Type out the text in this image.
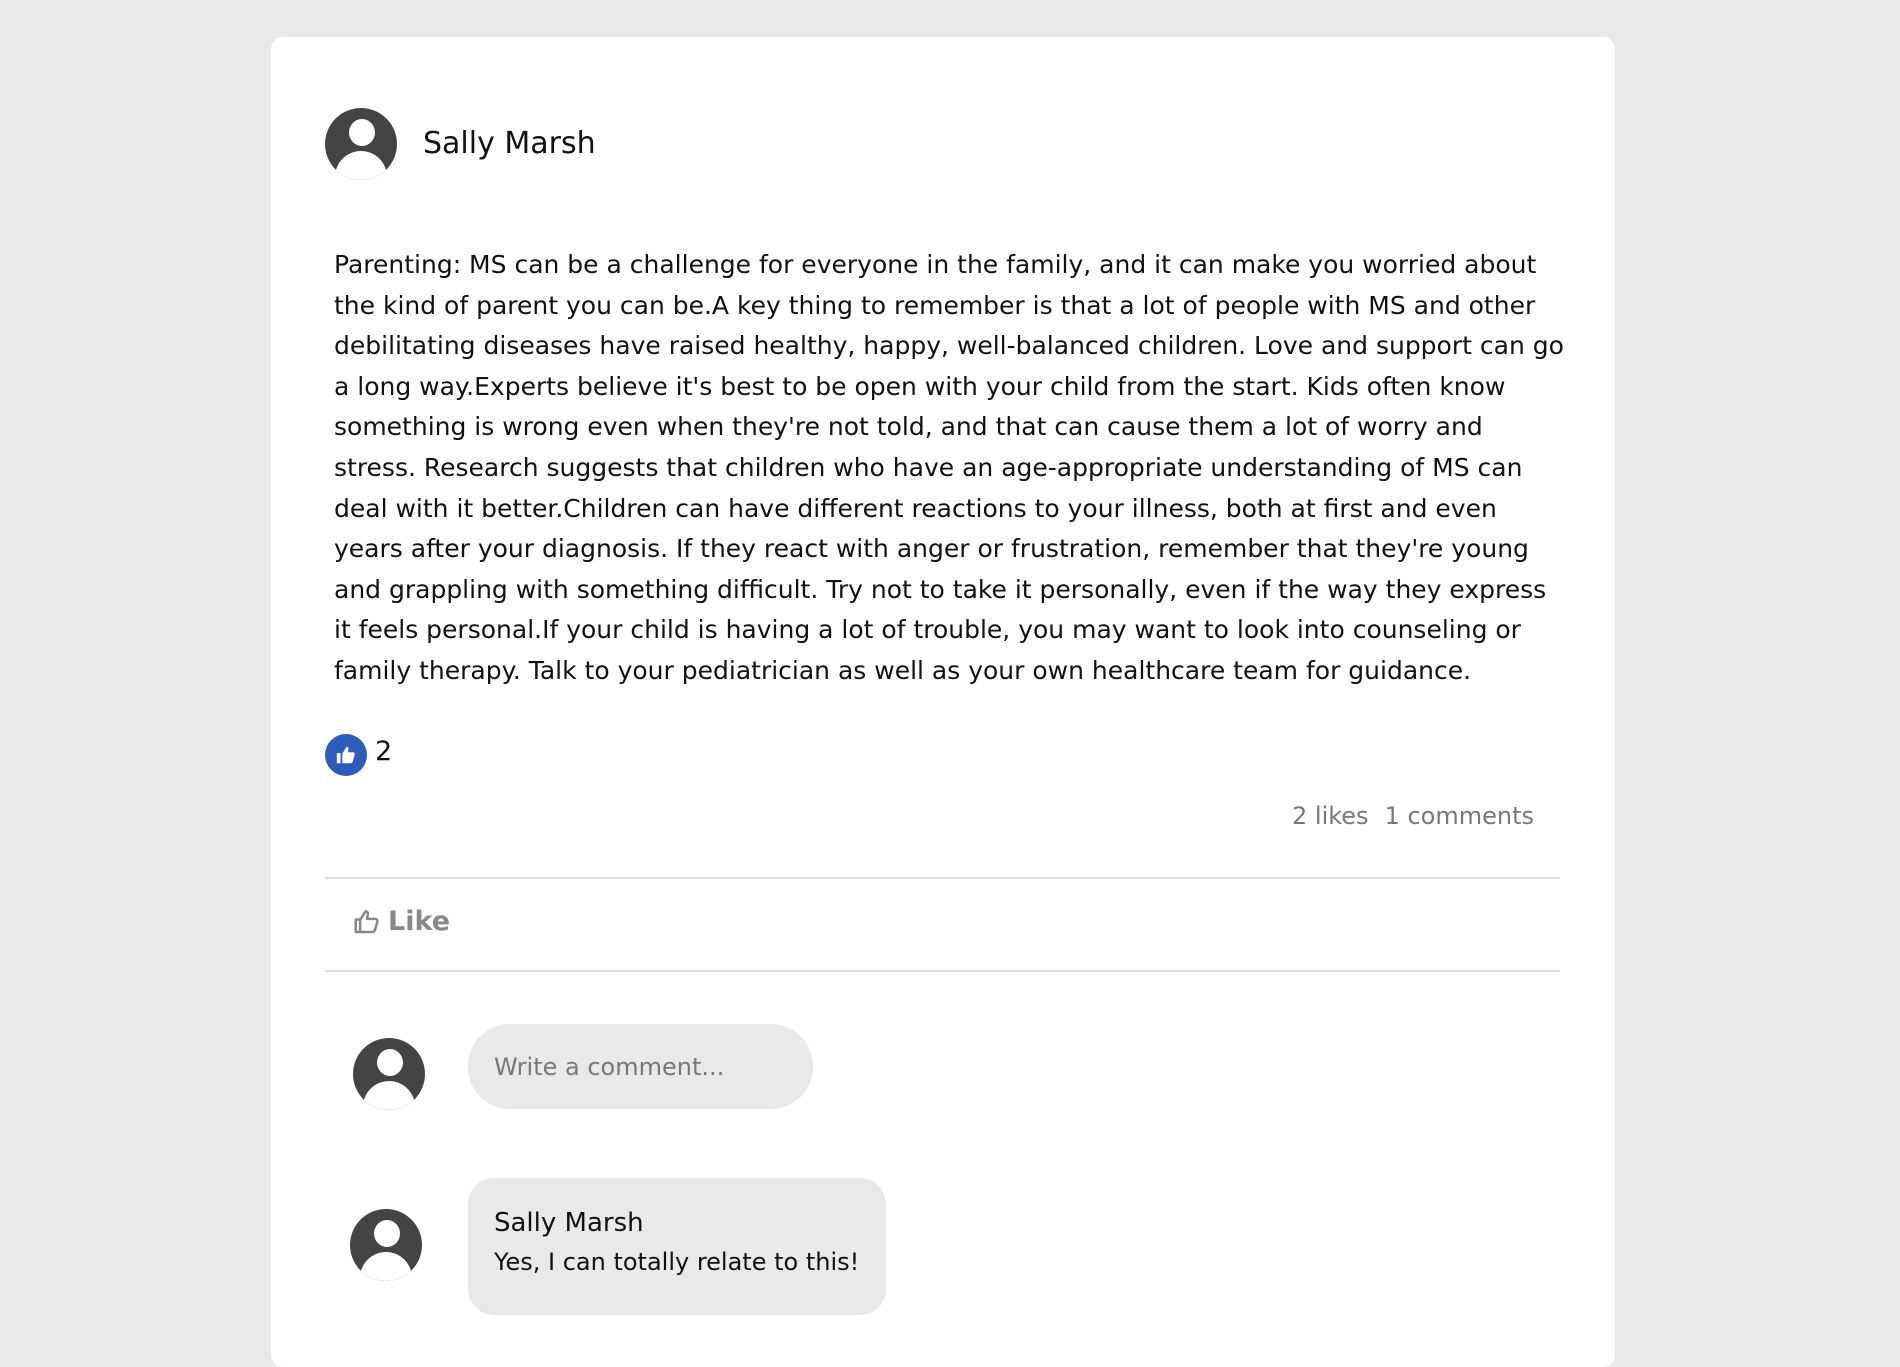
Sally Marsh
Parenting: MS can be a challenge for everyone in the family, and it can make you worried about the kind of parent you can be.A key thing to remember is that a lot of people with MS and other debilitating diseases have raised healthy, happy, well-balanced children. Love and support can go a long way.Experts believe it's best to be open with your child from the start. Kids often know something is wrong even when they're not told, and that can cause them a lot of worry and stress. Research suggests that children who have an age-appropriate understanding of MS can deal with it better.Children can have different reactions to your illness, both at first and even years after your diagnosis. If they react with anger or frustration, remember that they're young and grappling with something difficult. Try not to take it personally, even if the way they express it feels personal.If your child is having a lot of trouble, you may want to look into counseling or family therapy. Talk to your pediatrician as well as your own healthcare team for guidance.
2
2 likes 1 comments
Like
Write a comment...
Sally Marsh
Yes, I can totally relate to this!
